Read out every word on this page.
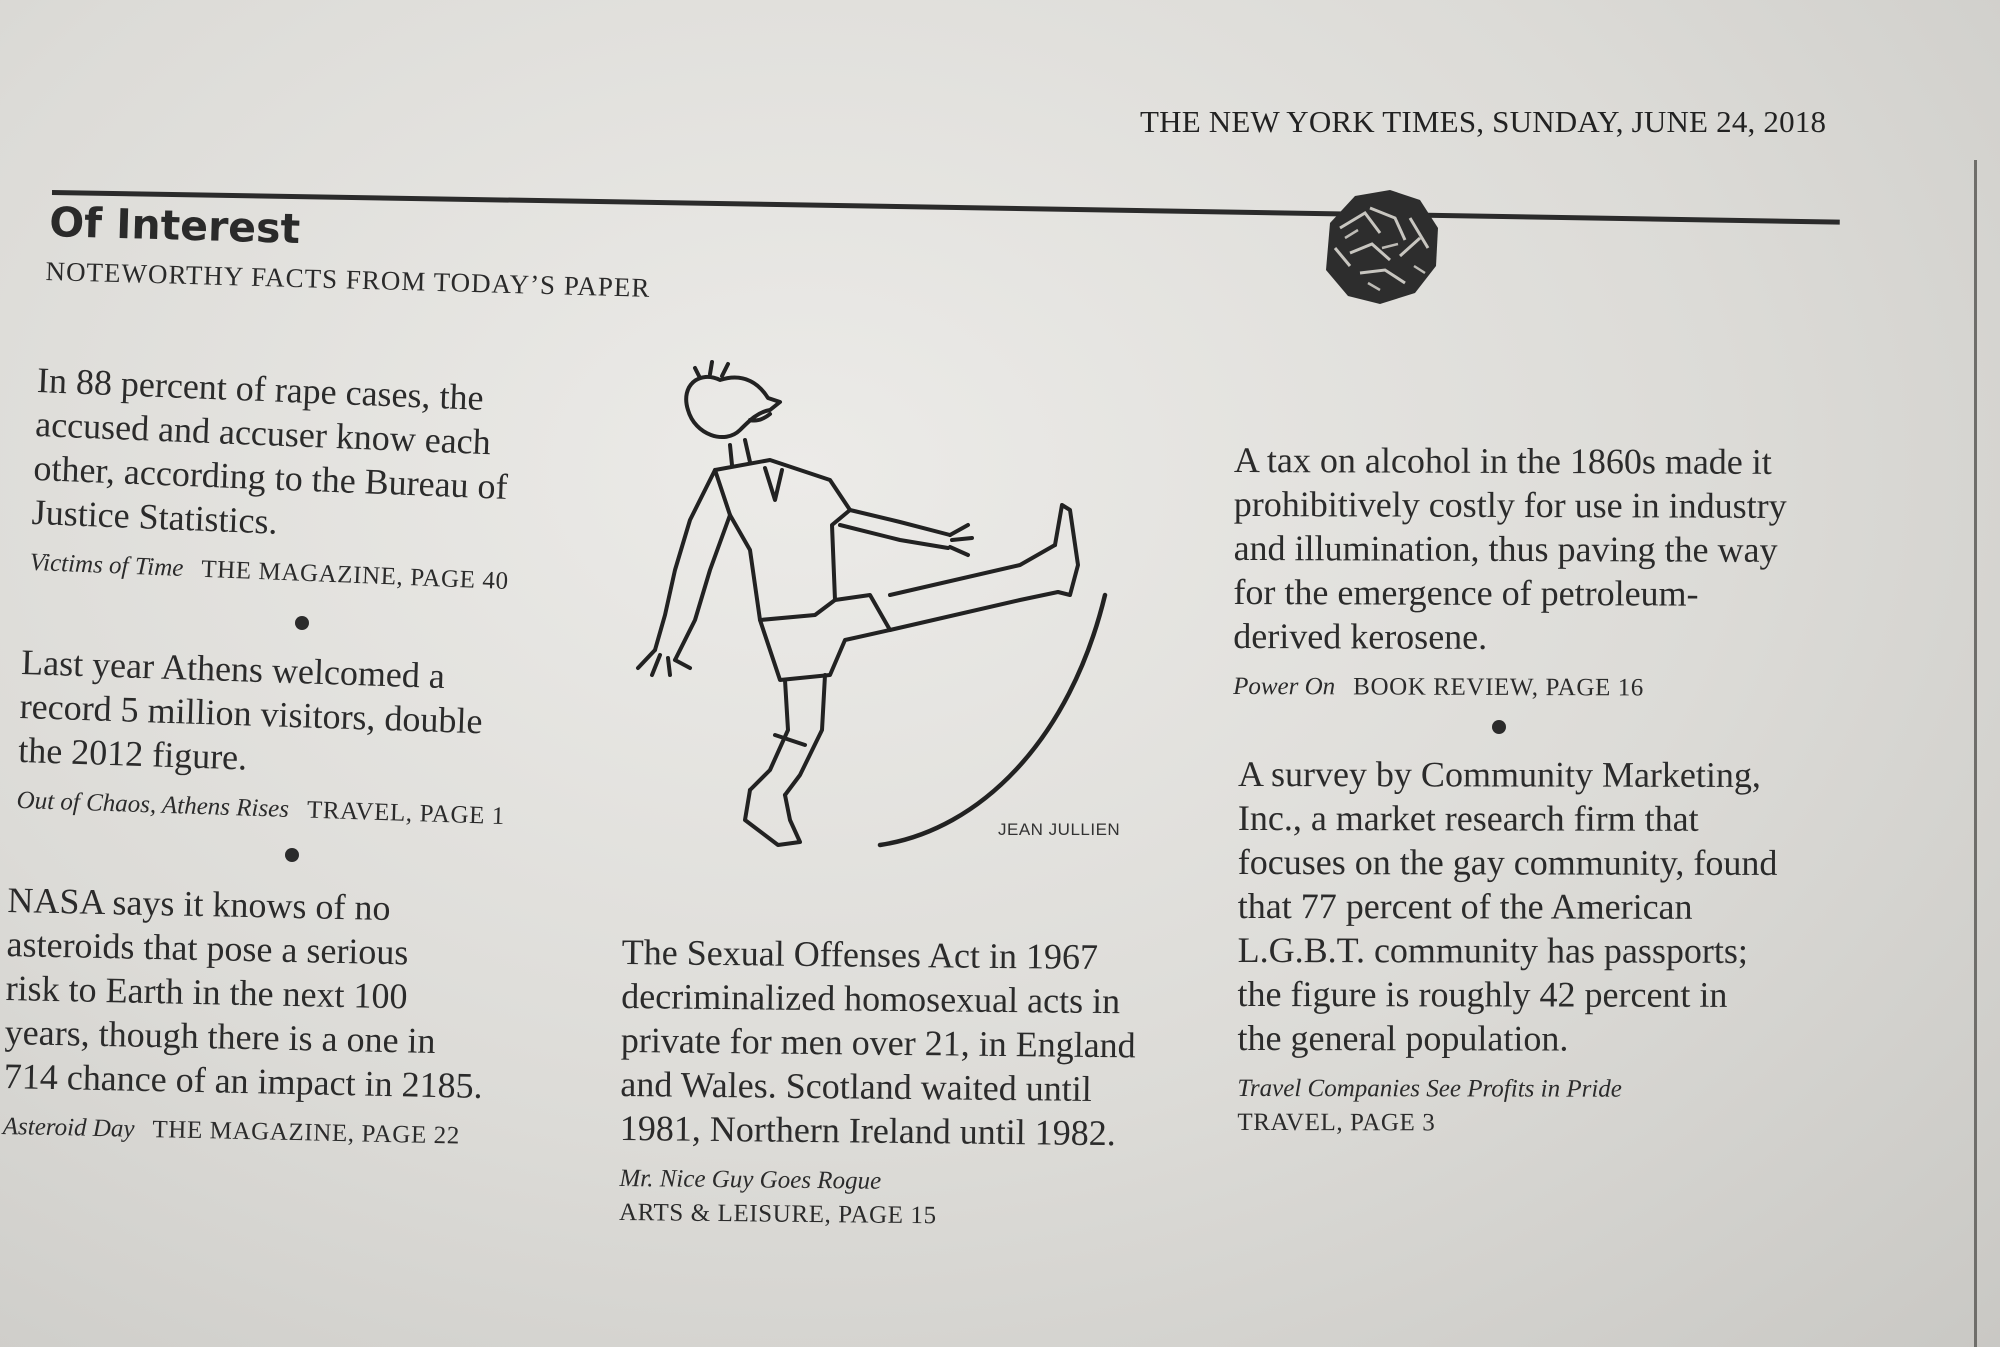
THE NEW YORK TIMES, SUNDAY, JUNE 24, 2018
Of Interest
NOTEWORTHY FACTS FROM TODAY’S PAPER
JEAN JULLIEN
In 88 percent of rape cases, the
accused and accuser know each
other, according to the Bureau of
Justice Statistics.
Victims of Time THE MAGAZINE, PAGE 40
Last year Athens welcomed a
record 5 million visitors, double
the 2012 figure.
Out of Chaos, Athens Rises TRAVEL, PAGE 1
NASA says it knows of no
asteroids that pose a serious
risk to Earth in the next 100
years, though there is a one in
714 chance of an impact in 2185.
Asteroid Day THE MAGAZINE, PAGE 22
The Sexual Offenses Act in 1967
decriminalized homosexual acts in
private for men over 21, in England
and Wales. Scotland waited until
1981, Northern Ireland until 1982.
Mr. Nice Guy Goes Rogue
ARTS & LEISURE, PAGE 15
A tax on alcohol in the 1860s made it
prohibitively costly for use in industry
and illumination, thus paving the way
for the emergence of petroleum-
derived kerosene.
Power On BOOK REVIEW, PAGE 16
A survey by Community Marketing,
Inc., a market research firm that
focuses on the gay community, found
that 77 percent of the American
L.G.B.T. community has passports;
the figure is roughly 42 percent in
the general population.
Travel Companies See Profits in Pride
TRAVEL, PAGE 3
